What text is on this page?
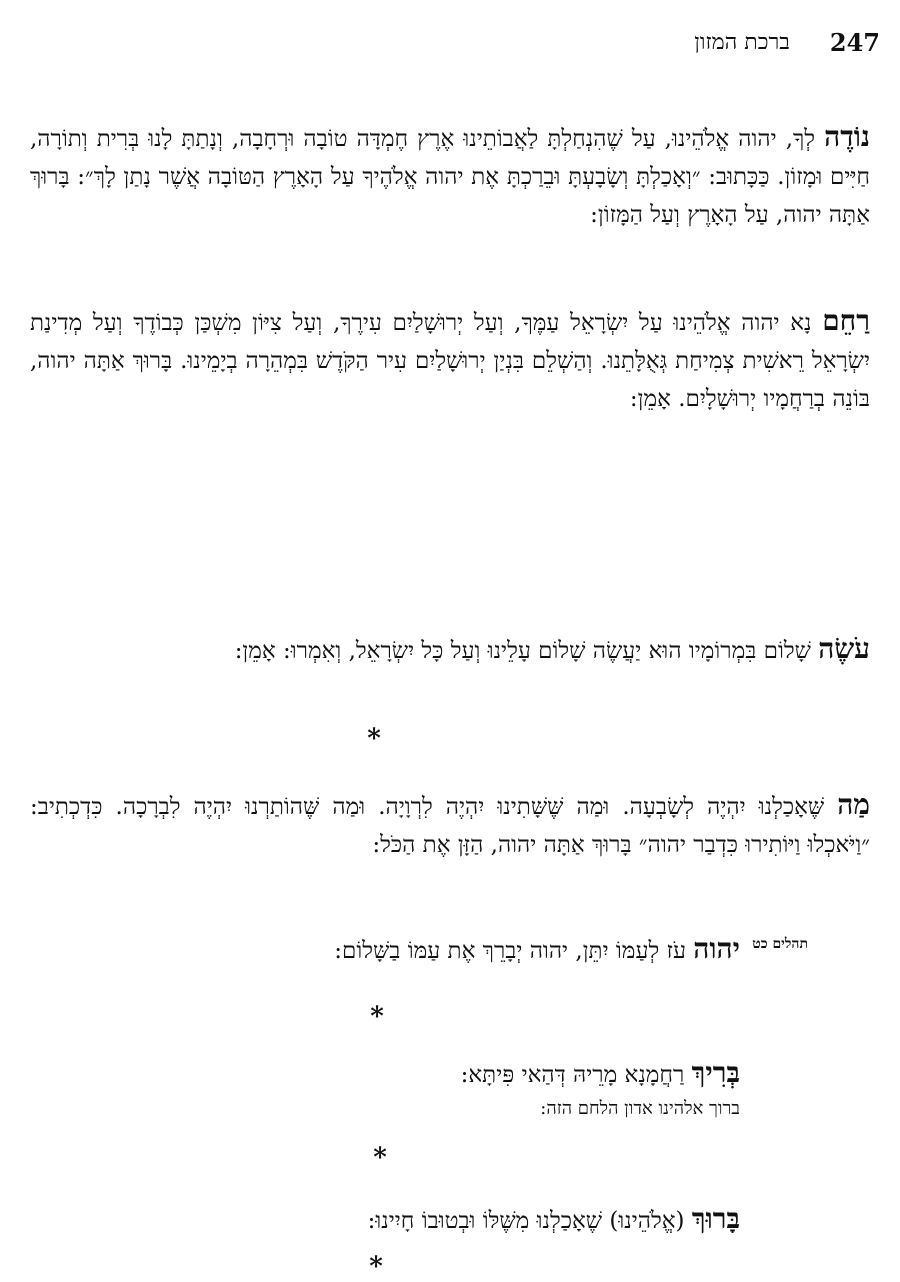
247
ברכת המזון

נוֹדֶה לְךָ, יהוה אֱלֹהֵינוּ, עַל שֶׁהִנְחַלְתָּ לַאֲבוֹתֵינוּ אֶרֶץ חֶמְדָּה טוֹבָה וּרְחָבָה, וְנָתַתָּ לָנוּ בְּרִית וְתוֹרָה, חַיִּים וּמָזוֹן. כַּכָּתוּב: ״וְאָכַלְתָּ וְשָׂבָעְתָּ וּבֵרַכְתָּ אֶת יהוה אֱלֹהֶיךָ עַל הָאָרֶץ הַטּוֹבָה אֲשֶׁר נָתַן לָךְ״: בָּרוּךְ אַתָּה יהוה, עַל הָאָרֶץ וְעַל הַמָּזוֹן:

רַחֵם נָא יהוה אֱלֹהֵינוּ עַל יִשְׂרָאֵל עַמֶּךָ, וְעַל יְרוּשָׁלַיִם עִירֶךָ, וְעַל צִיּוֹן מִשְׁכַּן כְּבוֹדֶךָ וְעַל מְדִינַת יִשְׂרָאֵל רֵאשִׁית צְמִיחַת גְּאֻלָּתֵנוּ. וְהַשְׁלֵם בִּנְיַן יְרוּשָׁלַיִם עִיר הַקֹּדֶשׁ בִּמְהֵרָה בְיָמֵינוּ. בָּרוּךְ אַתָּה יהוה, בּוֹנֵה בְרַחֲמָיו יְרוּשָׁלָיִם. אָמֵן:

עֹשֶׂה שָׁלוֹם בִּמְרוֹמָיו הוּא יַעֲשֶׂה שָׁלוֹם עָלֵינוּ וְעַל כָּל יִשְׂרָאֵל, וְאִמְרוּ: אָמֵן:

*

מַה שֶּׁאָכַלְנוּ יִהְיֶה לְשָׂבְעָה. וּמַה שֶּׁשָּׁתִינוּ יִהְיֶה לִרְוָיָה. וּמַה שֶּׁהוֹתַרְנוּ יִהְיֶה לִבְרָכָה. כִּדְכְתִיב: ״וַיֹּאכְלוּ וַיּוֹתִירוּ כִּדְבַר יהוה״ בָּרוּךְ אַתָּה יהוה, הַזָּן אֶת הַכֹּל:

תהלים כט

יהוה עֹז לְעַמּוֹ יִתֵּן, יהוה יְבָרֵךְ אֶת עַמּוֹ בַשָּׁלוֹם:

*

בְּרִיךְ רַחֲמָנָא מָרֵיהּ דְּהַאי פִּיתָּא:

ברוך אלהינו אדון הלחם הזה:

*

בָּרוּךְ (אֱלֹהֵינוּ) שֶׁאָכַלְנוּ מִשֶּׁלּוֹ וּבְטוּבוֹ חָיִינוּ:

*
